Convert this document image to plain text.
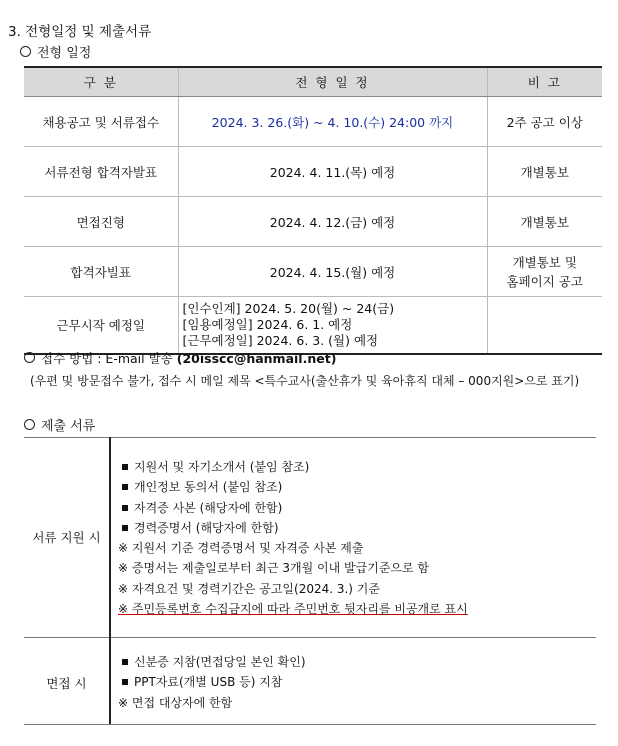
3. 전형일정 및 제출서류
전형 일정
구 분	전 형 일 정	비 고
채용공고 및 서류접수	2024. 3. 26.(화) ~ 4. 10.(수) 24:00 까지	2주 공고 이상
서류전형 합격자발표	2024. 4. 11.(목) 예정	개별통보
면접진형	2024. 4. 12.(금) 예정	개별통보
합격자빌표	2024. 4. 15.(월) 예정	개별통보 및
홈페이지 공고

근무시작 예정일	[인수인계] 2024. 5. 20(월) ~ 24(금)
[임용예정일] 2024. 6. 1. 예정
[근무예정일] 2024. 6. 3. (월) 예정	

접수 방법 : E-mail 발송 (20isscc@hanmail.net)
(우편 및 방문접수 불가, 접수 시 메일 제목 <특수교사(출산휴가 및 육아휴직 대체 – 000지원>으로 표기)
제출 서류
서류 지원 시
지원서 및 자기소개서 (붙임 참조)
개인정보 동의서 (붙임 참조)
자격증 사본 (해당자에 한함)
경력증명서 (해당자에 한함)
※ 지원서 기준 경력증명서 및 자격증 사본 제출
※ 증명서는 제출일로부터 최근 3개월 이내 발급기준으로 함
※ 자격요건 및 경력기간은 공고일(2024. 3.) 기준
※ 주민등록번호 수집금지에 따라 주민번호 뒷자리를 비공개로 표시
면접 시
신분증 지참(면접당일 본인 확인)
PPT자료(개별 USB 등) 지참
※ 면접 대상자에 한함
